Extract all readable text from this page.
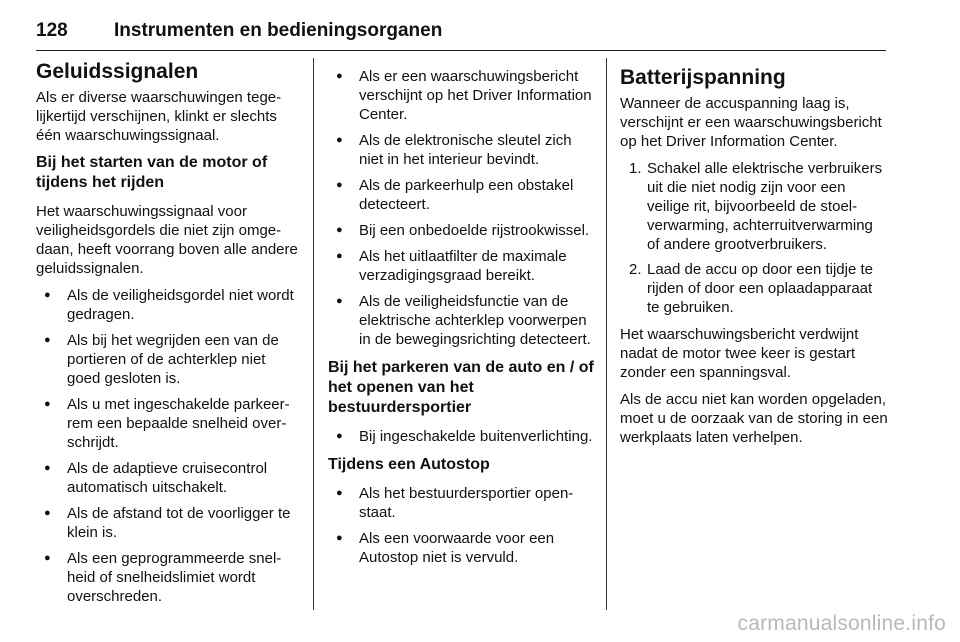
128 Instrumenten en bedieningsorganen
Geluidssignalen

Als er diverse waarschuwingen tegelijkertijd verschijnen, klinkt er slechts één waarschuwingssignaal.

Bij het starten van de motor of tijdens het rijden

Het waarschuwingssignaal voor veiligheidsgordels die niet zijn omgedaan, heeft voorrang boven alle andere geluidssignalen.

● Als de veiligheidsgordel niet wordt gedragen.
● Als bij het wegrijden een van de portieren of de achterklep niet goed gesloten is.
● Als u met ingeschakelde parkeerrem een bepaalde snelheid overschrijdt.
● Als de adaptieve cruisecontrol automatisch uitschakelt.
● Als de afstand tot de voorligger te klein is.
● Als een geprogrammeerde snelheid of snelheidslimiet wordt overschreden.
● Als er een waarschuwingsbericht verschijnt op het Driver Information Center.
● Als de elektronische sleutel zich niet in het interieur bevindt.
● Als de parkeerhulp een obstakel detecteert.
● Bij een onbedoelde rijstrookwissel.
● Als het uitlaatfilter de maximale verzadigingsgraad bereikt.
● Als de veiligheidsfunctie van de elektrische achterklep voorwerpen in de bewegingsrichting detecteert.
Bij het parkeren van de auto en / of het openen van het bestuurdersportier
● Bij ingeschakelde buitenverlichting.
Tijdens een Autostop
● Als het bestuurdersportier openstaat.
● Als een voorwaarde voor een Autostop niet is vervuld.
Batterijspanning

Wanneer de accuspanning laag is, verschijnt er een waarschuwingsbericht op het Driver Information Center.

1. Schakel alle elektrische verbruikers uit die niet nodig zijn voor een veilige rit, bijvoorbeeld de stoelverwarming, achterruitverwarming of andere grootverbruikers.
2. Laad de accu op door een tijdje te rijden of door een oplaadapparaat te gebruiken.

Het waarschuwingsbericht verdwijnt nadat de motor twee keer is gestart zonder een spanningsval.

Als de accu niet kan worden opgeladen, moet u de oorzaak van de storing in een werkplaats laten verhelpen.

carmanualsonline.info
